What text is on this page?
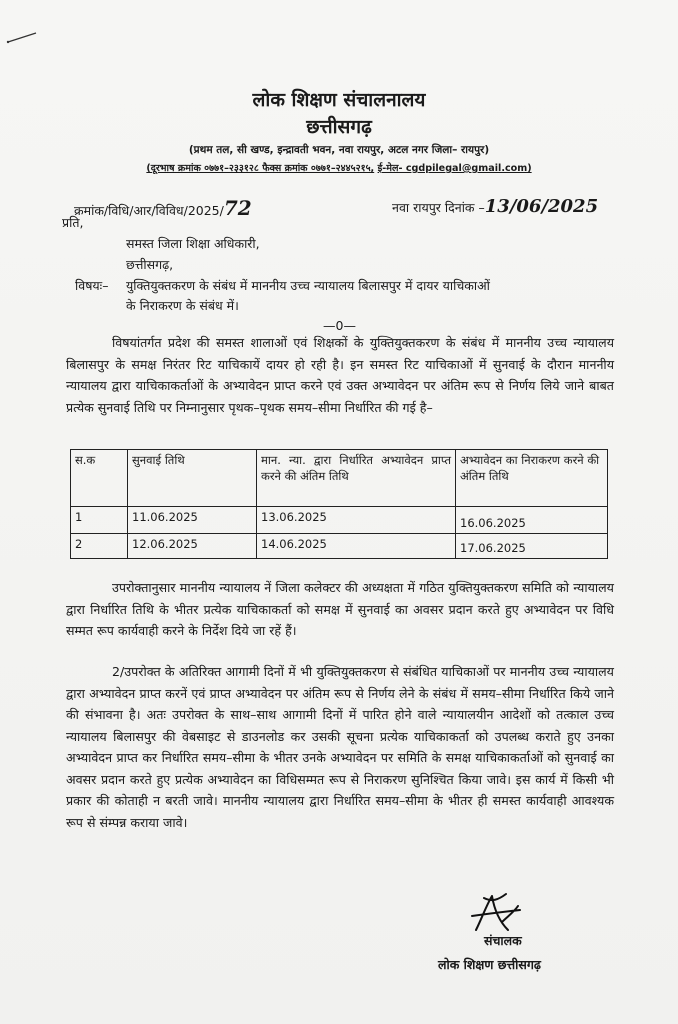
लोक शिक्षण संचालनालय
छत्तीसगढ़
(प्रथम तल, सी खण्ड, इन्द्रावती भवन, नवा रायपुर, अटल नगर जिला– रायपुर)
(दूरभाष क्रमांक ०७७१–२३३१२८ फैक्स क्रमांक ०७७१–२४४५२१५, ई-मेल- cgdpilegal@gmail.com)
क्रमांक/विधि/आर/विविध/2025/72	नवा रायपुर दिनांक –13/06/2025
प्रति,
समस्त जिला शिक्षा अधिकारी,
छत्तीसगढ़,
विषयः– युक्तियुक्तकरण के संबंध में माननीय उच्च न्यायालय बिलासपुर में दायर याचिकाओं
के निराकरण के संबंध में।
—0—
विषयांतर्गत प्रदेश की समस्त शालाओं एवं शिक्षकों के युक्तियुक्तकरण के संबंध में माननीय उच्च न्यायालय बिलासपुर के समक्ष निरंतर रिट याचिकायें दायर हो रही है। इन समस्त रिट याचिकाओं में सुनवाई के दौरान माननीय न्यायालय द्वारा याचिकाकर्ताओं के अभ्यावेदन प्राप्त करने एवं उक्त अभ्यावेदन पर अंतिम रूप से निर्णय लिये जाने बाबत प्रत्येक सुनवाई तिथि पर निम्नानुसार पृथक–पृथक समय–सीमा निर्धारित की गई है–
स.क	सुनवाई तिथि	मान. न्या. द्वारा निर्धारित अभ्यावेदन प्राप्त करने की अंतिम तिथि	अभ्यावेदन का निराकरण करने की अंतिम तिथि
1	11.06.2025	13.06.2025	16.06.2025
2	12.06.2025	14.06.2025	17.06.2025
उपरोक्तानुसार माननीय न्यायालय नें जिला कलेक्टर की अध्यक्षता में गठित युक्तियुक्तकरण समिति को न्यायालय द्वारा निर्धारित तिथि के भीतर प्रत्येक याचिकाकर्ता को समक्ष में सुनवाई का अवसर प्रदान करते हुए अभ्यावेदन पर विधि सम्मत रूप कार्यवाही करने के निर्देश दिये जा रहें हैं।
2/उपरोक्त के अतिरिक्त आगामी दिनों में भी युक्तियुक्तकरण से संबंधित याचिकाओं पर माननीय उच्च न्यायालय द्वारा अभ्यावेदन प्राप्त करनें एवं प्राप्त अभ्यावेदन पर अंतिम रूप से निर्णय लेने के संबंध में समय–सीमा निर्धारित किये जाने की संभावना है। अतः उपरोक्त के साथ–साथ आगामी दिनों में पारित होने वाले न्यायालयीन आदेशों को तत्काल उच्च न्यायालय बिलासपुर की वेबसाइट से डाउनलोड कर उसकी सूचना प्रत्येक याचिकाकर्ता को उपलब्ध कराते हुए उनका अभ्यावेदन प्राप्त कर निर्धारित समय–सीमा के भीतर उनके अभ्यावेदन पर समिति के समक्ष याचिकाकर्ताओं को सुनवाई का अवसर प्रदान करते हुए प्रत्येक अभ्यावेदन का विधिसम्मत रूप से निराकरण सुनिश्चित किया जावे। इस कार्य में किसी भी प्रकार की कोताही न बरती जावे। माननीय न्यायालय द्वारा निर्धारित समय–सीमा के भीतर ही समस्त कार्यवाही आवश्यक रूप से संम्पन्न कराया जावे।
संचालक
लोक शिक्षण छत्तीसगढ़
